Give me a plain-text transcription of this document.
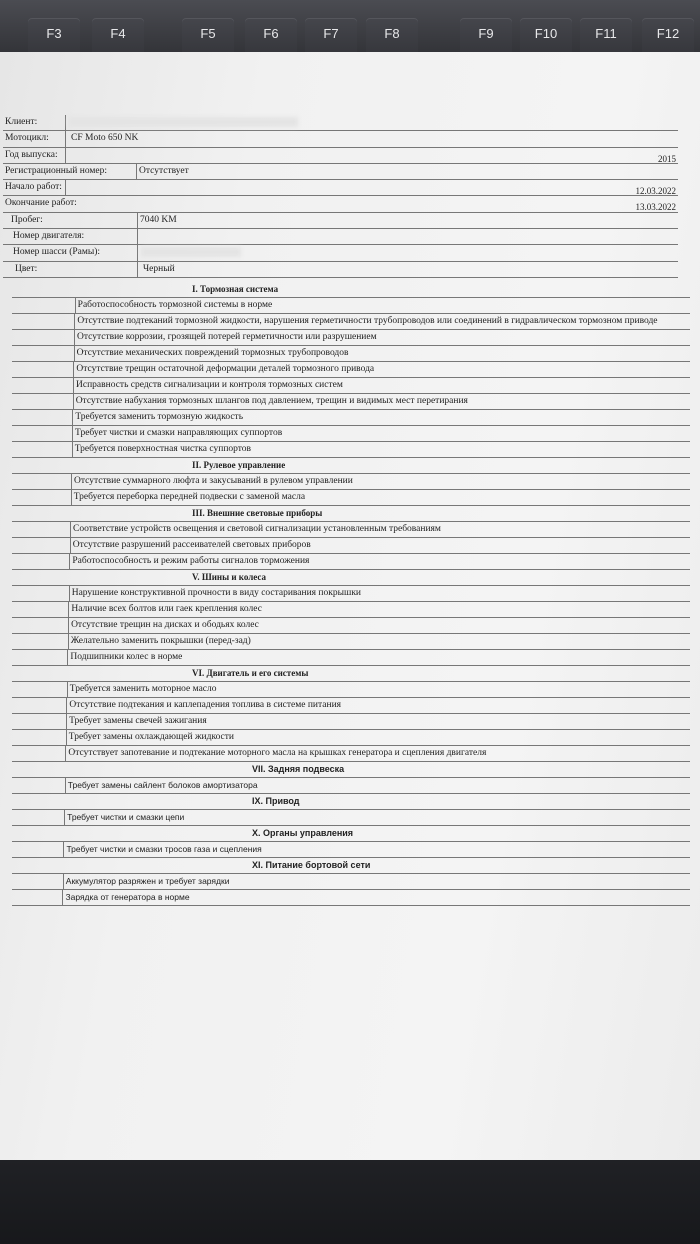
F3	F4	F5	F6	F7	F8	F9	F10	F11	F12
Клиент:
Мотоцикл: CF Moto 650 NK
Год выпуска:	2015
Регистрационный номер:	Отсутствует
Начало работ:	12.03.2022
Окончание работ:	13.03.2022
Пробег:	7040 KM
Номер двигателя:
Номер шасси (Рамы):
Цвет:	Черный
I. Тормозная система
Работоспособность тормозной системы в норме
Отсутствие подтеканий тормозной жидкости, нарушения герметичности трубопроводов или соединений в гидравлическом тормозном приводе
Отсутствие коррозии, грозящей потерей герметичности или разрушением
Отсутствие механических повреждений тормозных трубопроводов
Отсутствие трещин остаточной деформации деталей тормозного привода
Исправность средств сигнализации и контроля тормозных систем
Отсутствие набухания тормозных шлангов под давлением, трещин и видимых мест перетирания
Требуется заменить тормозную жидкость
Требует чистки и смазки направляющих суппортов
Требуется поверхностная чистка суппортов
II. Рулевое управление
Отсутствие суммарного люфта и закусываний в рулевом управлении
Требуется переборка передней подвески с заменой масла
III. Внешние световые приборы
Соответствие устройств освещения и световой сигнализации установленным требованиям
Отсутствие разрушений рассеивателей световых приборов
Работоспособность и режим работы сигналов торможения
V. Шины и колеса
Нарушение конструктивной прочности в виду состаривания покрышки
Наличие всех болтов или гаек крепления колес
Отсутствие трещин на дисках и ободьях колес
Желательно заменить покрышки (перед-зад)
Подшипники колес в норме
VI. Двигатель и его системы
Требуется заменить моторное масло
Отсутствие подтекания и каплепадения топлива в системе питания
Требует замены свечей зажигания
Требует замены охлаждающей жидкости
Отсутствует запотевание и подтекание моторного масла на крышках генератора и сцепления двигателя
VII. Задняя подвеска
Требует замены сайлент болоков амортизатора
IX. Привод
Требует чистки и смазки цепи
X. Органы управления
Требует чистки и смазки тросов газа и сцепления
XI. Питание бортовой сети
Аккумулятор разряжен и требует зарядки
Зарядка от генератора в норме
